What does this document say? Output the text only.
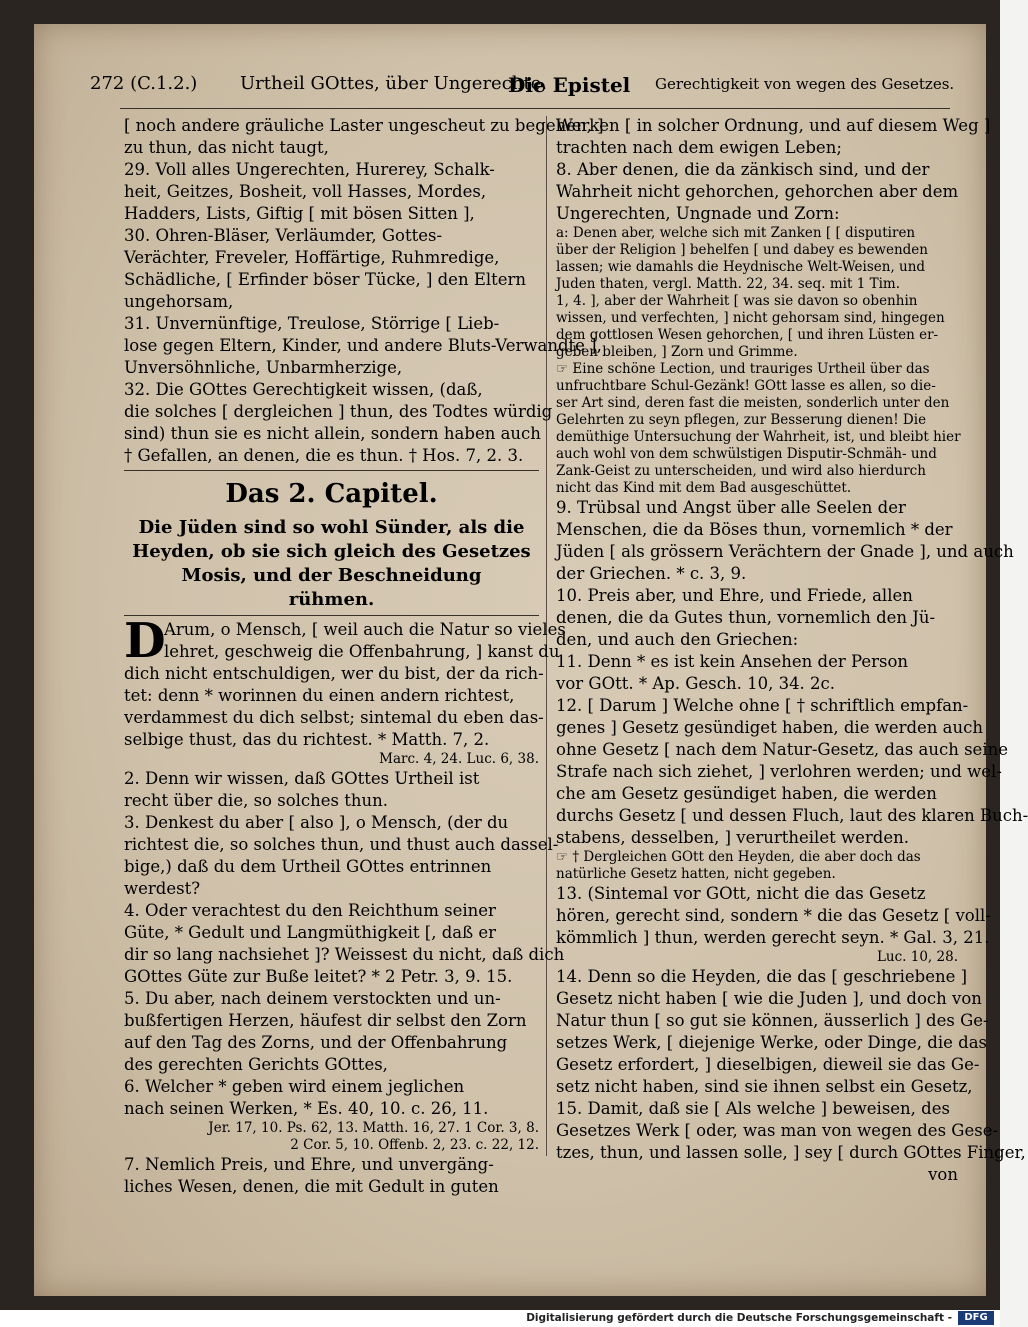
272 (C.1.2.) Urtheil GOttes, über Ungerechte.
Die Epistel Gerechtigkeit von wegen des Gesetzes.
[ noch andere gräuliche Laster ungescheut zu begehen, ]
zu thun, das nicht taugt,
29. Voll alles Ungerechten, Hurerey, Schalk-
heit, Geitzes, Bosheit, voll Hasses, Mordes,
Hadders, Lists, Giftig [ mit bösen Sitten ],
30. Ohren-Bläser, Verläumder, Gottes-
Verächter, Freveler, Hoffärtige, Ruhmredige,
Schädliche, [ Erfinder böser Tücke, ] den Eltern
ungehorsam,
31. Unvernünftige, Treulose, Störrige [ Lieb-
lose gegen Eltern, Kinder, und andere Bluts-Verwandte ],
Unversöhnliche, Unbarmherzige,
32. Die GOttes Gerechtigkeit wissen, (daß,
die solches [ dergleichen ] thun, des Todtes würdig
sind) thun sie es nicht allein, sondern haben auch
† Gefallen, an denen, die es thun. † Hos. 7, 2. 3.
Das 2. Capitel.
Die Jüden sind so wohl Sünder, als die
Heyden, ob sie sich gleich des Gesetzes
Mosis, und der Beschneidung
rühmen.
D
Arum, o Mensch, [ weil auch die Natur so vieles
lehret, geschweig die Offenbahrung, ] kanst du
dich nicht entschuldigen, wer du bist, der da rich-
tet: denn * worinnen du einen andern richtest,
verdammest du dich selbst; sintemal du eben das-
selbige thust, das du richtest. * Matth. 7, 2.
Marc. 4, 24. Luc. 6, 38.
2. Denn wir wissen, daß GOttes Urtheil ist
recht über die, so solches thun.
3. Denkest du aber [ also ], o Mensch, (der du
richtest die, so solches thun, und thust auch dassel-
bige,) daß du dem Urtheil GOttes entrinnen
werdest?
4. Oder verachtest du den Reichthum seiner
Güte, * Gedult und Langmüthigkeit [, daß er
dir so lang nachsiehet ]? Weissest du nicht, daß dich
GOttes Güte zur Buße leitet? * 2 Petr. 3, 9. 15.
5. Du aber, nach deinem verstockten und un-
bußfertigen Herzen, häufest dir selbst den Zorn
auf den Tag des Zorns, und der Offenbahrung
des gerechten Gerichts GOttes,
6. Welcher * geben wird einem jeglichen
nach seinen Werken, * Es. 40, 10. c. 26, 11.
Jer. 17, 10. Ps. 62, 13. Matth. 16, 27. 1 Cor. 3, 8.
2 Cor. 5, 10. Offenb. 2, 23. c. 22, 12.
7. Nemlich Preis, und Ehre, und unvergäng-
liches Wesen, denen, die mit Gedult in guten
Werken [ in solcher Ordnung, und auf diesem Weg ]
trachten nach dem ewigen Leben;
8. Aber denen, die da zänkisch sind, und der
Wahrheit nicht gehorchen, gehorchen aber dem
Ungerechten, Ungnade und Zorn:
a: Denen aber, welche sich mit Zanken [ [ disputiren
über der Religion ] behelfen [ und dabey es bewenden
lassen; wie damahls die Heydnische Welt-Weisen, und
Juden thaten, vergl. Matth. 22, 34. seq. mit 1 Tim.
1, 4. ], aber der Wahrheit [ was sie davon so obenhin
wissen, und verfechten, ] nicht gehorsam sind, hingegen
dem gottlosen Wesen gehorchen, [ und ihren Lüsten er-
geben bleiben, ] Zorn und Grimme.
☞ Eine schöne Lection, und trauriges Urtheil über das
unfruchtbare Schul-Gezänk! GOtt lasse es allen, so die-
ser Art sind, deren fast die meisten, sonderlich unter den
Gelehrten zu seyn pflegen, zur Besserung dienen! Die
demüthige Untersuchung der Wahrheit, ist, und bleibt hier
auch wohl von dem schwülstigen Disputir-Schmäh- und
Zank-Geist zu unterscheiden, und wird also hierdurch
nicht das Kind mit dem Bad ausgeschüttet.
9. Trübsal und Angst über alle Seelen der
Menschen, die da Böses thun, vornemlich * der
Jüden [ als grössern Verächtern der Gnade ], und auch
der Griechen. * c. 3, 9.
10. Preis aber, und Ehre, und Friede, allen
denen, die da Gutes thun, vornemlich den Jü-
den, und auch den Griechen:
11. Denn * es ist kein Ansehen der Person
vor GOtt. * Ap. Gesch. 10, 34. 2c.
12. [ Darum ] Welche ohne [ † schriftlich empfan-
genes ] Gesetz gesündiget haben, die werden auch
ohne Gesetz [ nach dem Natur-Gesetz, das auch seine
Strafe nach sich ziehet, ] verlohren werden; und wel-
che am Gesetz gesündiget haben, die werden
durchs Gesetz [ und dessen Fluch, laut des klaren Buch-
stabens, desselben, ] verurtheilet werden.
☞ † Dergleichen GOtt den Heyden, die aber doch das
natürliche Gesetz hatten, nicht gegeben.
13. (Sintemal vor GOtt, nicht die das Gesetz
hören, gerecht sind, sondern * die das Gesetz [ voll-
kömmlich ] thun, werden gerecht seyn. * Gal. 3, 21.
Luc. 10, 28.
14. Denn so die Heyden, die das [ geschriebene ]
Gesetz nicht haben [ wie die Juden ], und doch von
Natur thun [ so gut sie können, äusserlich ] des Ge-
setzes Werk, [ diejenige Werke, oder Dinge, die das
Gesetz erfordert, ] dieselbigen, dieweil sie das Ge-
setz nicht haben, sind sie ihnen selbst ein Gesetz,
15. Damit, daß sie [ Als welche ] beweisen, des
Gesetzes Werk [ oder, was man von wegen des Gese-
tzes, thun, und lassen solle, ] sey [ durch GOttes Finger,
von
Digitalisierung gefördert durch die Deutsche Forschungsgemeinschaft -	DFG
